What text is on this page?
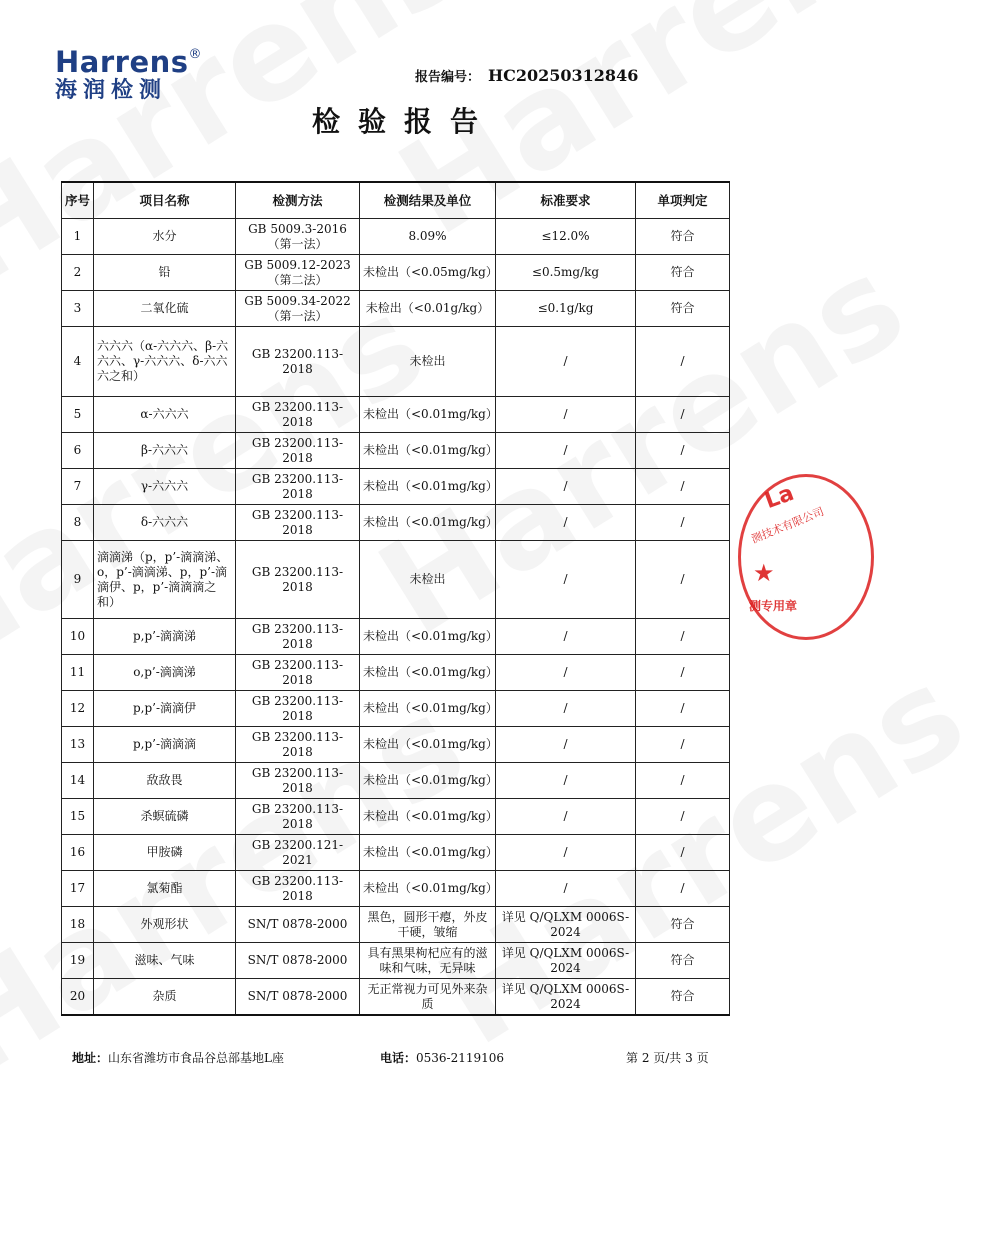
Harrens®
海润检测
报告编号： HC20250312846
检验报告
序号	项目名称	检测方法	检测结果及单位	标准要求	单项判定
1	水分	GB 5009.3-2016（第一法）	8.09%	≤12.0%	符合
2	铅	GB 5009.12-2023（第二法）	未检出（<0.05mg/kg）	≤0.5mg/kg	符合
3	二氧化硫	GB 5009.34-2022（第一法）	未检出（<0.01g/kg）	≤0.1g/kg	符合
4	六六六（α-六六六、β-六六六、γ-六六六、δ-六六六之和）	GB 23200.113-2018	未检出	/	/
5	α-六六六	GB 23200.113-2018	未检出（<0.01mg/kg）	/	/
6	β-六六六	GB 23200.113-2018	未检出（<0.01mg/kg）	/	/
7	γ-六六六	GB 23200.113-2018	未检出（<0.01mg/kg）	/	/
8	δ-六六六	GB 23200.113-2018	未检出（<0.01mg/kg）	/	/
9	滴滴涕（p，p’-滴滴涕、o，p’-滴滴涕、p，p’-滴滴伊、p，p’-滴滴滴之和）	GB 23200.113-2018	未检出	/	/
10	p,p’-滴滴涕	GB 23200.113-2018	未检出（<0.01mg/kg）	/	/
11	o,p’-滴滴涕	GB 23200.113-2018	未检出（<0.01mg/kg）	/	/
12	p,p’-滴滴伊	GB 23200.113-2018	未检出（<0.01mg/kg）	/	/
13	p,p’-滴滴滴	GB 23200.113-2018	未检出（<0.01mg/kg）	/	/
14	敌敌畏	GB 23200.113-2018	未检出（<0.01mg/kg）	/	/
15	杀螟硫磷	GB 23200.113-2018	未检出（<0.01mg/kg）	/	/
16	甲胺磷	GB 23200.121-2021	未检出（<0.01mg/kg）	/	/
17	氯菊酯	GB 23200.113-2018	未检出（<0.01mg/kg）	/	/
18	外观形状	SN/T 0878-2000	黑色，圆形干瘪，外皮干硬，皱缩	详见 Q/QLXM 0006S-2024	符合
19	滋味、气味	SN/T 0878-2000	具有黑果枸杞应有的滋味和气味，无异味	详见 Q/QLXM 0006S-2024	符合
20	杂质	SN/T 0878-2000	无正常视力可见外来杂质	详见 Q/QLXM 0006S-2024	符合
La
测技术有限公司
★
测专用章
地址：山东省潍坊市食品谷总部基地L座	电话：0536-2119106	第 2 页/共 3 页
